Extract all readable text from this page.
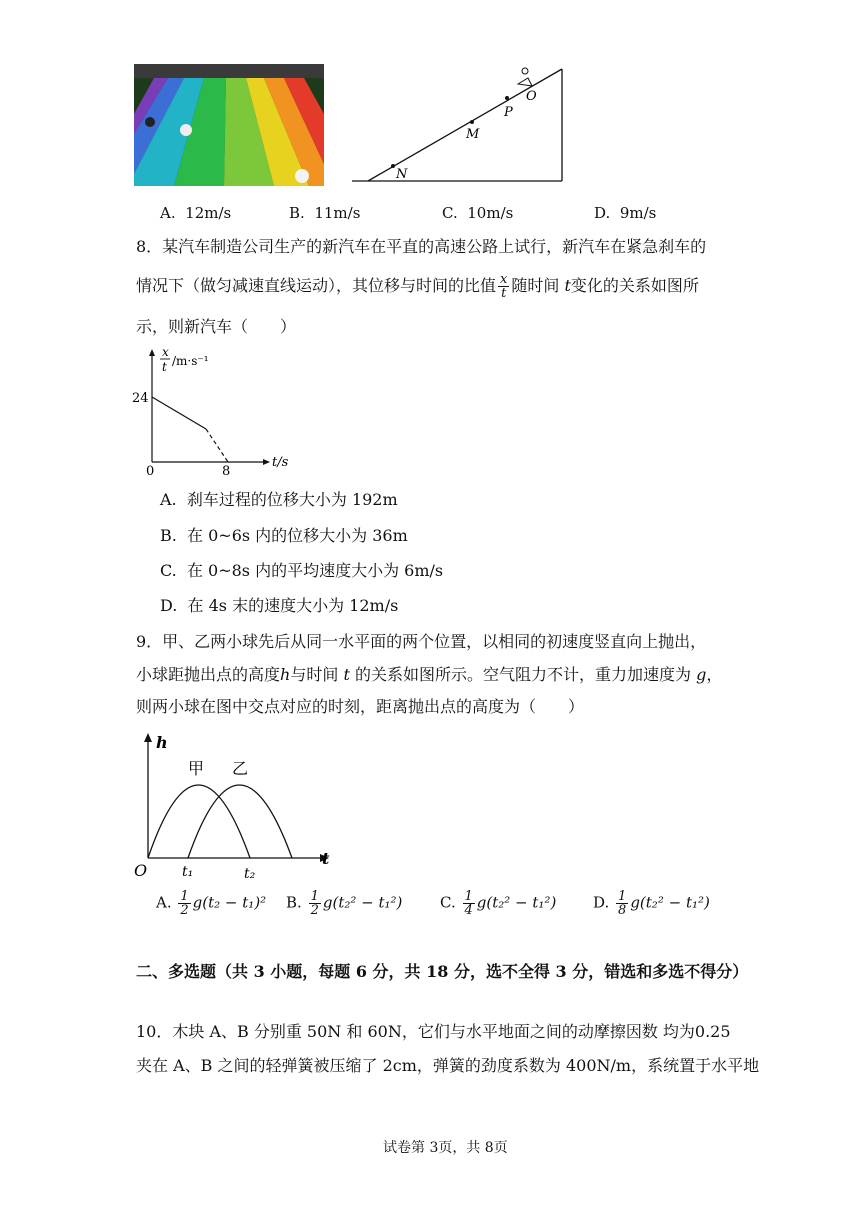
O
P
M
N
A. 12m/s	B. 11m/s	C. 10m/s	D. 9m/s
8．某汽车制造公司生产的新汽车在平直的高速公路上试行，新汽车在紧急刹车的
情况下（做匀减速直线运动），其位移与时间的比值 $\frac{x}{t}$ 随时间 t变化的关系如图所
示，则新汽车（　　）
x
t /m·s⁻¹
24
0	8
t/s
A. 刹车过程的位移大小为 192m
B. 在 0~6s 内的位移大小为 36m
C. 在 0~8s 内的平均速度大小为 6m/s
D. 在 4s 末的速度大小为 12m/s
9．甲、乙两小球先后从同一水平面的两个位置，以相同的初速度竖直向上抛出，
小球距抛出点的高度h与时间 t 的关系如图所示。空气阻力不计，重力加速度为 g，
则两小球在图中交点对应的时刻，距离抛出点的高度为（　　）
h
t
O
甲 乙
t₁	t₂
A. $\frac{1}{2} g(t_2 - t_1)^2$ B. $\frac{1}{2} g(t_2^2 - t_1^2)$	C. $\frac{1}{4} g(t_2^2 - t_1^2)$ D. $\frac{1}{8} g(t_2^2 - t_1^2)$
二、多选题（共 3 小题，每题 6 分，共 18 分，选不全得 3 分，错选和多选不得分）
10．木块 A、B 分别重 50N 和 60N，它们与水平地面之间的动摩擦因数 均为0.25
夹在 A、B 之间的轻弹簧被压缩了 2cm，弹簧的劲度系数为 400N/m，系统置于水平地
试卷第 3页，共 8页
